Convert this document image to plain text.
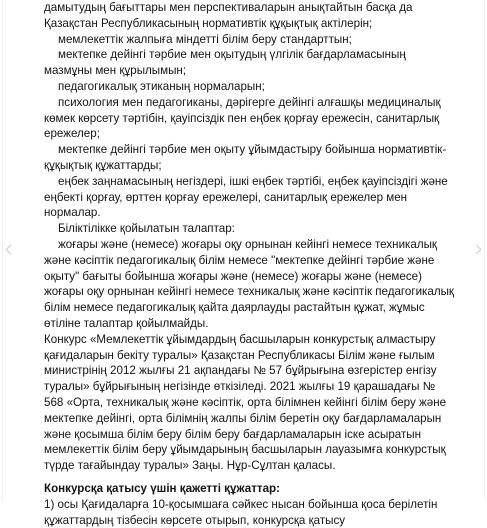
дамытудың бағыттары мен перспективаларын анықтайтын басқа да Қазақстан Республикасының нормативтік құқықтық актілерін;

мемлекеттік жалпыға міндетті білім беру стандарттын;

мектепке дейінгі тәрбие мен оқытудың үлгілік бағдарламасының мазмұны мен құрылымын;

педагогикалық этиканың нормаларын;

психология мен педагогиканы, дәрігерге дейінгі алғашқы медициналық көмек көрсету тәртібін, қауіпсіздік пен еңбек қорғау ережесін, санитарлық ережелер;

мектепке дейінгі тәрбие мен оқыту ұйымдастыру бойынша нормативтік-құқықтық құжаттарды;

еңбек заңнамасының негіздері, ішкі еңбек тәртібі, еңбек қауіпсіздігі және еңбекті қорғау, өрттен қорғау ережелері, санитарлық ережелер мен нормалар.

Біліктілікке қойылатын талаптар:

жоғары және (немесе) жоғары оқу орнынан кейінгі немесе техникалық және кәсіптік педагогикалық білім немесе "мектепке дейінгі тәрбие және оқыту" бағыты бойынша жоғары және (немесе) жоғары және (немесе) жоғары оқу орнынан кейінгі немесе техникалық және кәсіптік педагогикалық білім немесе педагогикалық қайта даярлауды растайтын құжат, жұмыс өтіліне талаптар қойылмайды.

Конкурс «Мемлекеттік ұйымдардың басшыларын конкурстық алмастыру қағидаларын бекіту туралы» Қазақстан Республикасы Білім және ғылым министрінің 2012 жылғы 21 ақпандағы № 57 бұйрығына өзгерістер енгізу туралы» бұйрығының негізінде өткізіледі. 2021 жылғы 19 қарашадағы № 568 «Орта, техникалық және кәсіптік, орта білімнен кейінгі білім беру және мектепке дейінгі, орта білімнің жалпы білім беретін оқу бағдарламаларын және қосымша білім беру білім беру бағдарламаларын іске асыратын мемлекеттік білім беру ұйымдарының басшыларын лауазымға конкурстық түрде тағайындау туралы» Заңы. Нұр-Сұлтан қаласы.

Конкурсқа қатысу үшін қажетті құжаттар:

1) осы Қағидаларға 10-қосымшаға сәйкес нысан бойынша қоса берілетін құжаттардың тізбесін көрсете отырып, конкурсқа қатысу
